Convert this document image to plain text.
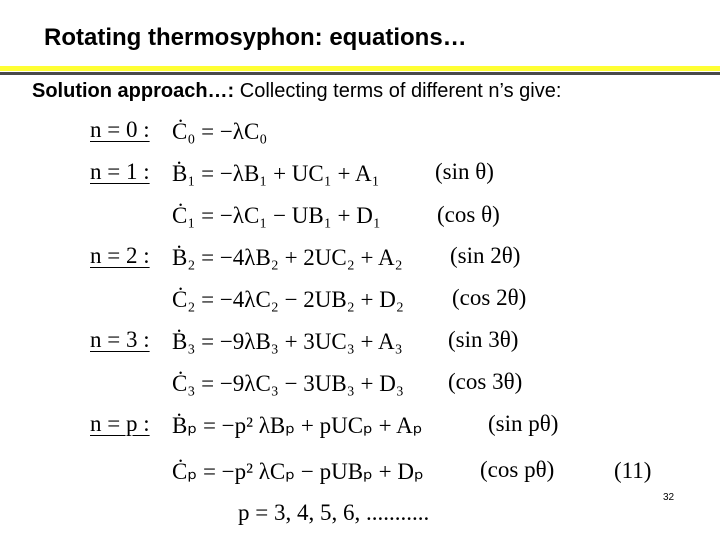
Rotating thermosyphon: equations…
Solution approach…: Collecting terms of different n’s give:
n = 0 : Ċ₀ = −λC₀
n = 1 : Ḃ₁ = −λB₁ + UC₁ + A₁ (sin θ)
Ċ₁ = −λC₁ − UB₁ + D₁ (cos θ)
n = 2 : Ḃ₂ = −4λB₂ + 2UC₂ + A₂ (sin 2θ)
Ċ₂ = −4λC₂ − 2UB₂ + D₂ (cos 2θ)
n = 3 : Ḃ₃ = −9λB₃ + 3UC₃ + A₃ (sin 3θ)
Ċ₃ = −9λC₃ − 3UB₃ + D₃ (cos 3θ)
n = p : Ḃₚ = −p² λBₚ + pUCₚ + Aₚ	(sin pθ)
Ċₚ = −p² λCₚ − pUBₚ + Dₚ (cos pθ)	(11)
p = 3, 4, 5, 6, ...........
32
